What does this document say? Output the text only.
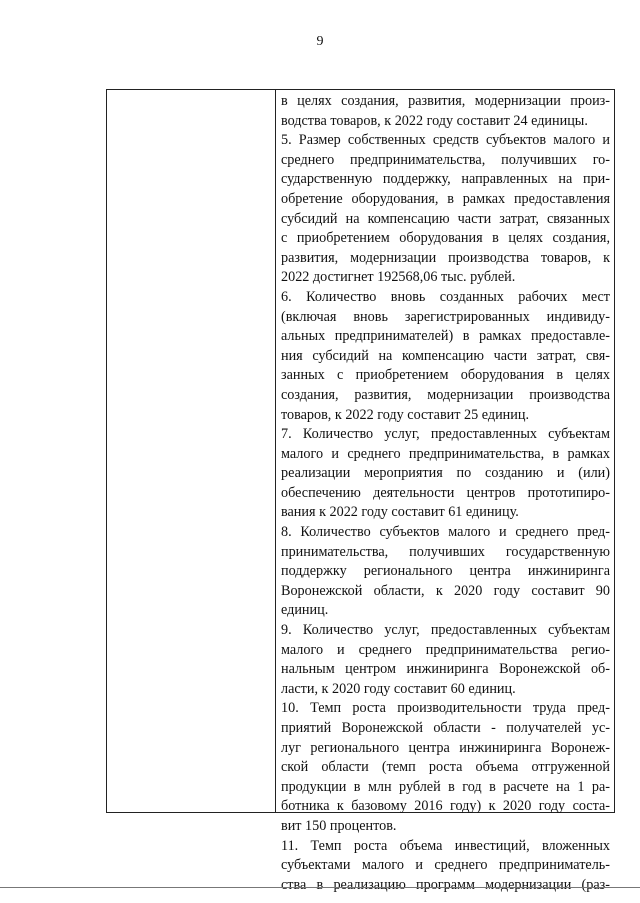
9
в целях создания, развития, модернизации произ-
водства товаров, к 2022 году составит 24 единицы.
5. Размер собственных средств субъектов малого и
среднего предпринимательства, получивших го-
сударственную поддержку, направленных на при-
обретение оборудования, в рамках предоставления
субсидий на компенсацию части затрат, связанных
с приобретением оборудования в целях создания,
развития, модернизации производства товаров, к
2022 достигнет 192568,06 тыс. рублей.
6. Количество вновь созданных рабочих мест
(включая вновь зарегистрированных индивиду-
альных предпринимателей) в рамках предоставле-
ния субсидий на компенсацию части затрат, свя-
занных с приобретением оборудования в целях
создания, развития, модернизации производства
товаров, к 2022 году составит 25 единиц.
7. Количество услуг, предоставленных субъектам
малого и среднего предпринимательства, в рамках
реализации мероприятия по созданию и (или)
обеспечению деятельности центров прототипиро-
вания к 2022 году составит 61 единицу.
8. Количество субъектов малого и среднего пред-
принимательства, получивших государственную
поддержку регионального центра инжиниринга
Воронежской области, к 2020 году составит 90
единиц.
9. Количество услуг, предоставленных субъектам
малого и среднего предпринимательства регио-
нальным центром инжиниринга Воронежской об-
ласти, к 2020 году составит 60 единиц.
10. Темп роста производительности труда пред-
приятий Воронежской области - получателей ус-
луг регионального центра инжиниринга Воронеж-
ской области (темп роста объема отгруженной
продукции в млн рублей в год в расчете на 1 ра-
ботника к базовому 2016 году) к 2020 году соста-
вит 150 процентов.
11. Темп роста объема инвестиций, вложенных
субъектами малого и среднего предприниматель-
ства в реализацию программ модернизации (раз-
